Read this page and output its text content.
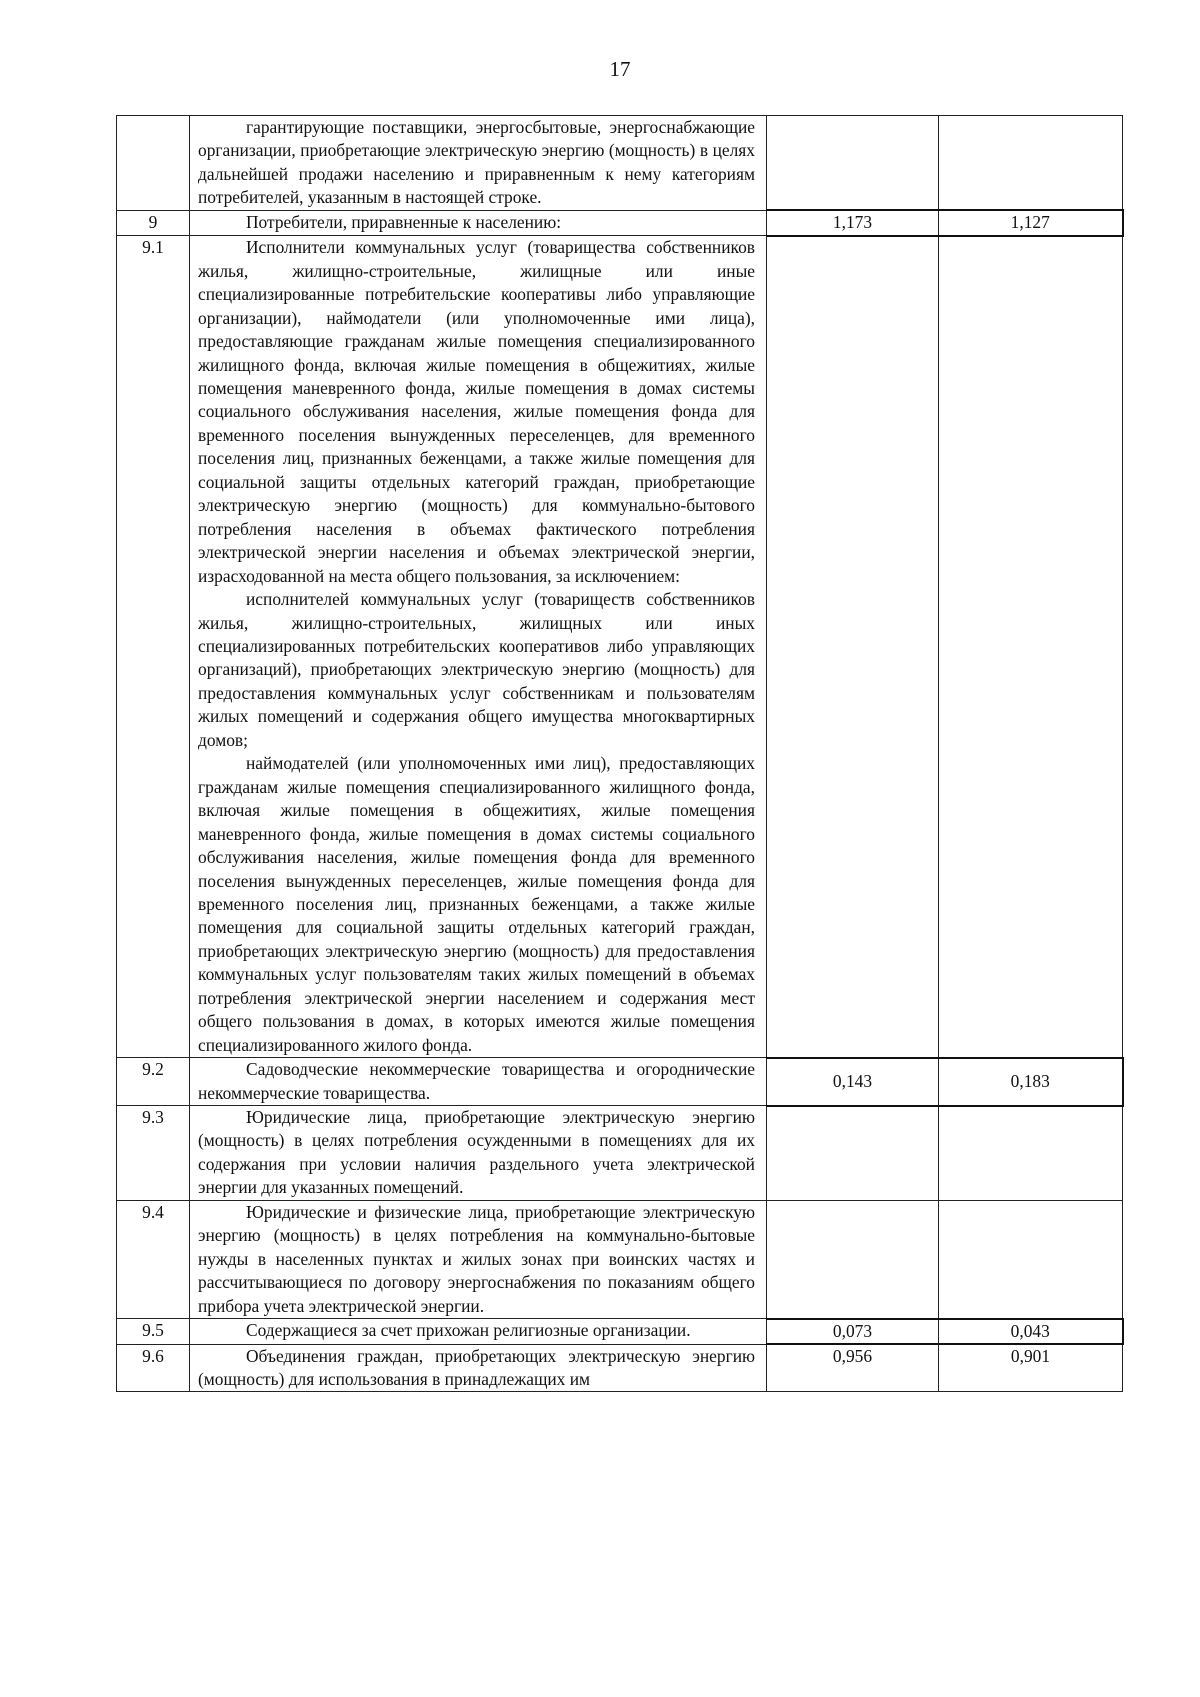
17

	гарантирующие поставщики, энергосбытовые, энергоснабжающие организации, приобретающие электрическую энергию (мощность) в целях дальнейшей продажи населению и приравненным к нему категориям потребителей, указанным в настоящей строке.		

9	Потребители, приравненные к населению:	1,173	1,127
9.1	Исполнители коммунальных услуг (товарищества собственников жилья, жилищно-строительные, жилищные или иные специализированные потребительские кооперативы либо управляющие организации), наймодатели (или уполномоченные ими лица), предоставляющие гражданам жилые помещения специализированного жилищного фонда, включая жилые помещения в общежитиях, жилые помещения маневренного фонда, жилые помещения в домах системы социального обслуживания населения, жилые помещения фонда для временного поселения вынужденных переселенцев, для временного поселения лиц, признанных беженцами, а также жилые помещения для социальной защиты отдельных категорий граждан, приобретающие электрическую энергию (мощность) для коммунально-бытового потребления населения в объемах фактического потребления электрической энергии населения и объемах электрической энергии, израсходованной на места общего пользования, за исключением:
исполнителей коммунальных услуг (товариществ собственников жилья, жилищно-строительных, жилищных или иных специализированных потребительских кооперативов либо управляющих организаций), приобретающих электрическую энергию (мощность) для предоставления коммунальных услуг собственникам и пользователям жилых помещений и содержания общего имущества многоквартирных домов;
наймодателей (или уполномоченных ими лиц), предоставляющих гражданам жилые помещения специализированного жилищного фонда, включая жилые помещения в общежитиях, жилые помещения маневренного фонда, жилые помещения в домах системы социального обслуживания населения, жилые помещения фонда для временного поселения вынужденных переселенцев, жилые помещения фонда для временного поселения лиц, признанных беженцами, а также жилые помещения для социальной защиты отдельных категорий граждан, приобретающих электрическую энергию (мощность) для предоставления коммунальных услуг пользователям таких жилых помещений в объемах потребления электрической энергии населением и содержания мест общего пользования в домах, в которых имеются жилые помещения специализированного жилого фонда.		

9.2	Садоводческие некоммерческие товарищества и огороднические некоммерческие товарищества.	0,143	0,183
9.3	Юридические лица, приобретающие электрическую энергию (мощность) в целях потребления осужденными в помещениях для их содержания при условии наличия раздельного учета электрической энергии для указанных помещений.		

9.4	Юридические и физические лица, приобретающие электрическую энергию (мощность) в целях потребления на коммунально-бытовые нужды в населенных пунктах и жилых зонах при воинских частях и рассчитывающиеся по договору энергоснабжения по показаниям общего прибора учета электрической энергии.		

9.5	Содержащиеся за счет прихожан религиозные организации.	0,073	0,043
9.6	Объединения граждан, приобретающих электрическую энергию (мощность) для использования в принадлежащих им	0,956	0,901
